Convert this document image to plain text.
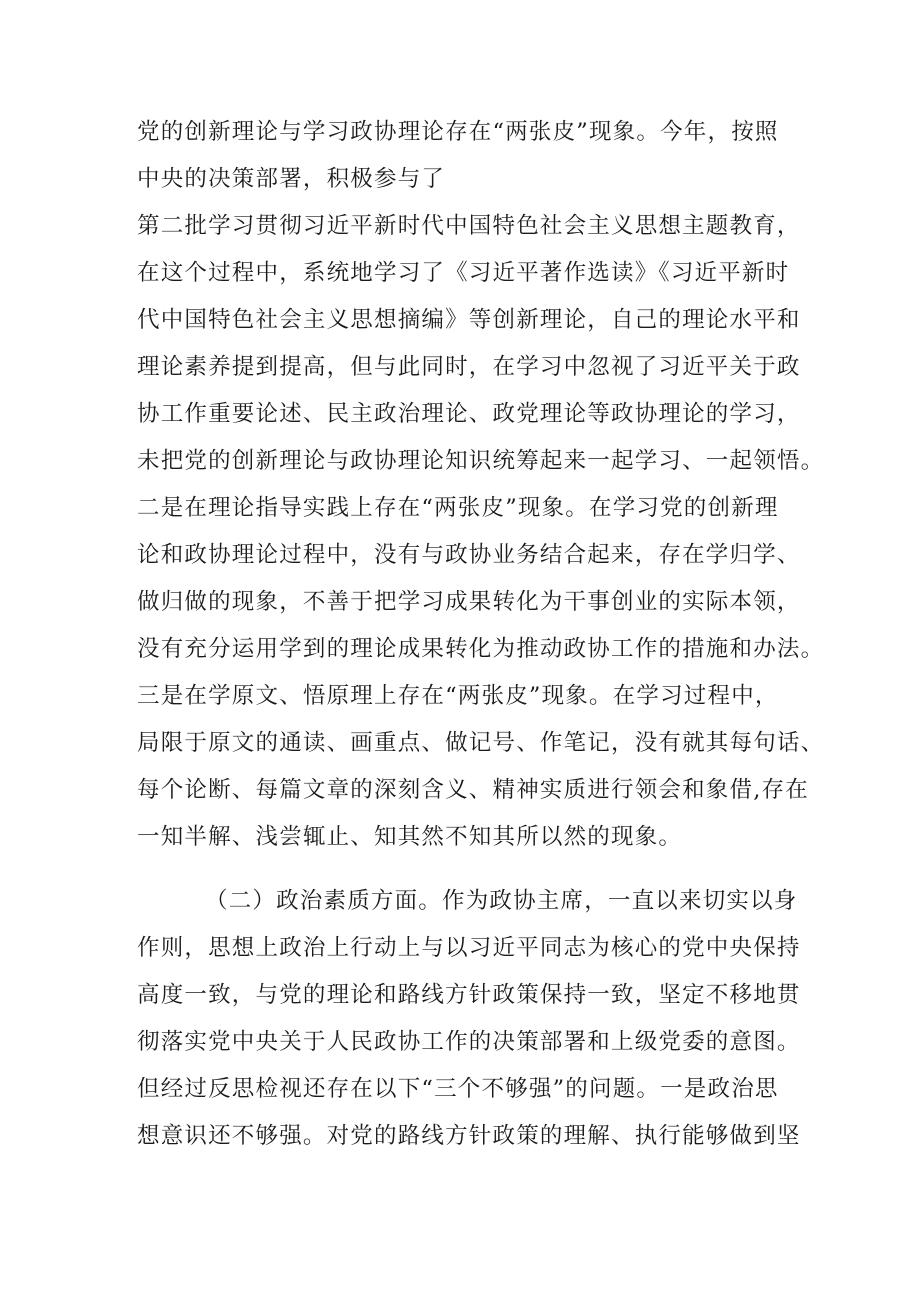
党的创新理论与学习政协理论存在“两张皮”现象。今年，按照
中央的决策部署，积极参与了
第二批学习贯彻习近平新时代中国特色社会主义思想主题教育，
在这个过程中，系统地学习了《习近平著作选读》《习近平新时
代中国特色社会主义思想摘编》等创新理论，自己的理论水平和
理论素养提到提高，但与此同时，在学习中忽视了习近平关于政
协工作重要论述、民主政治理论、政党理论等政协理论的学习，
未把党的创新理论与政协理论知识统筹起来一起学习、一起领悟。
二是在理论指导实践上存在“两张皮”现象。在学习党的创新理
论和政协理论过程中，没有与政协业务结合起来，存在学归学、
做归做的现象，不善于把学习成果转化为干事创业的实际本领，
没有充分运用学到的理论成果转化为推动政协工作的措施和办法。
三是在学原文、悟原理上存在“两张皮”现象。在学习过程中，
局限于原文的通读、画重点、做记号、作笔记，没有就其每句话、
每个论断、每篇文章的深刻含义、精神实质进行领会和象借,存在
一知半解、浅尝辄止、知其然不知其所以然的现象。
（二）政治素质方面。作为政协主席，一直以来切实以身
作则，思想上政治上行动上与以习近平同志为核心的党中央保持
高度一致，与党的理论和路线方针政策保持一致，坚定不移地贯
彻落实党中央关于人民政协工作的决策部署和上级党委的意图。
但经过反思检视还存在以下“三个不够强”的问题。一是政治思
想意识还不够强。对党的路线方针政策的理解、执行能够做到坚
